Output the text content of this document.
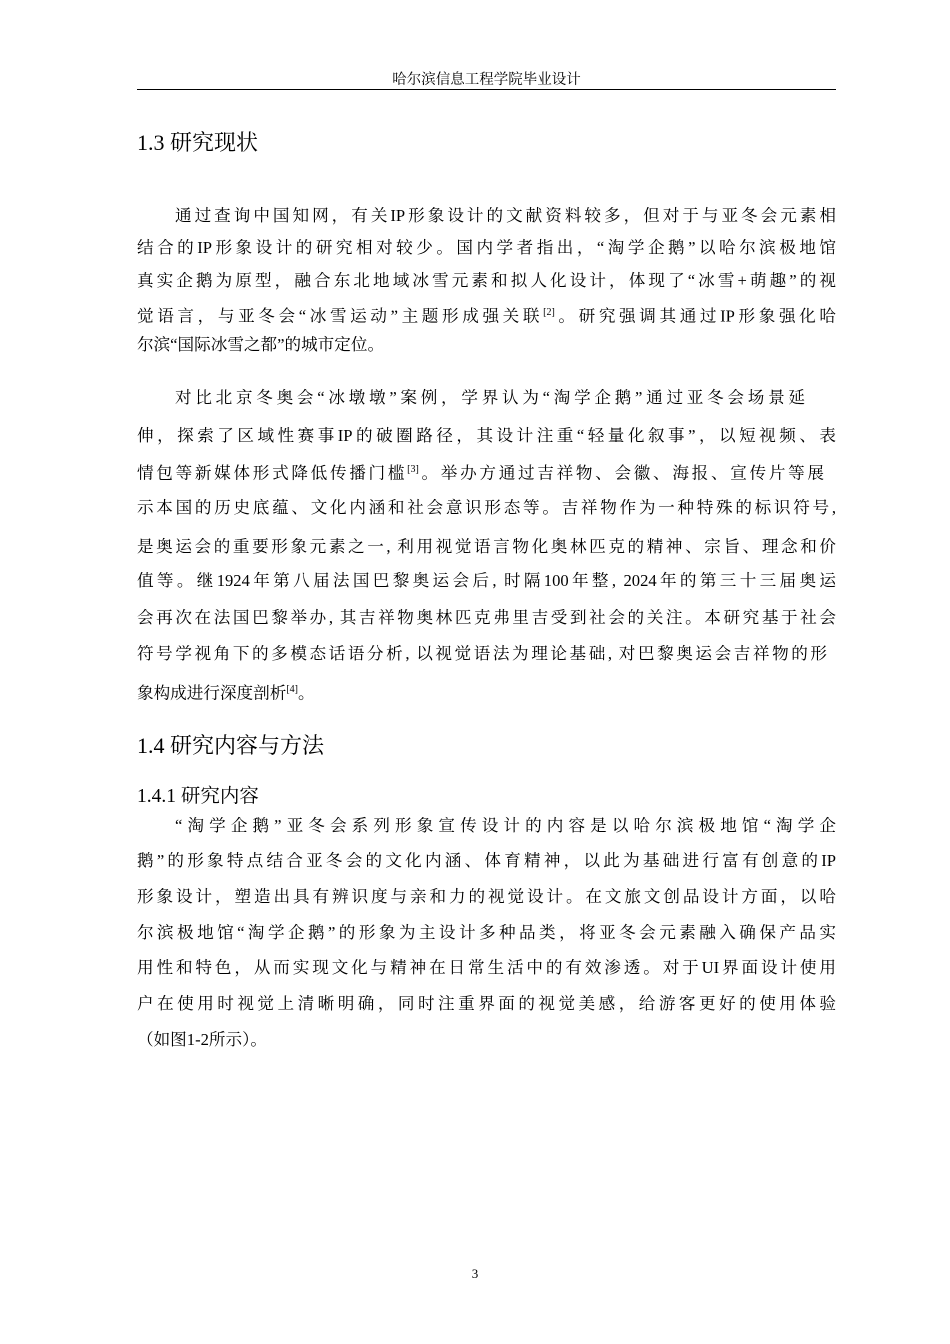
哈尔滨信息工程学院毕业设计
1.3 研究现状
通过查询中国知网，有关IP形象设计的文献资料较多，但对于与亚冬会元素相
结合的IP形象设计的研究相对较少。国内学者指出，“淘学企鹅”以哈尔滨极地馆
真实企鹅为原型，融合东北地域冰雪元素和拟人化设计，体现了“冰雪+萌趣”的视
觉语言，与亚冬会“冰雪运动”主题形成强关联[2]。研究强调其通过IP形象强化哈
尔滨“国际冰雪之都”的城市定位。
对比北京冬奥会“冰墩墩”案例，学界认为“淘学企鹅”通过亚冬会场景延
伸，探索了区域性赛事IP的破圈路径，其设计注重“轻量化叙事”，以短视频、表
情包等新媒体形式降低传播门槛[3]。举办方通过吉祥物、会徽、海报、宣传片等展
示本国的历史底蕴、文化内涵和社会意识形态等。吉祥物作为一种特殊的标识符号,
是奥运会的重要形象元素之一, 利用视觉语言物化奥林匹克的精神、宗旨、理念和价
值等。继1924年第八届法国巴黎奥运会后, 时隔100年整, 2024年的第三十三届奥运
会再次在法国巴黎举办, 其吉祥物奥林匹克弗里吉受到社会的关注。本研究基于社会
符号学视角下的多模态话语分析, 以视觉语法为理论基础, 对巴黎奥运会吉祥物的形
象构成进行深度剖析[4]。
1.4 研究内容与方法
1.4.1 研究内容
“淘学企鹅”亚冬会系列形象宣传设计的内容是以哈尔滨极地馆“淘学企
鹅”的形象特点结合亚冬会的文化内涵、体育精神，以此为基础进行富有创意的IP
形象设计，塑造出具有辨识度与亲和力的视觉设计。在文旅文创品设计方面，以哈
尔滨极地馆“淘学企鹅”的形象为主设计多种品类，将亚冬会元素融入确保产品实
用性和特色，从而实现文化与精神在日常生活中的有效渗透。对于UI界面设计使用
户在使用时视觉上清晰明确，同时注重界面的视觉美感，给游客更好的使用体验
（如图1-2所示）。
3
